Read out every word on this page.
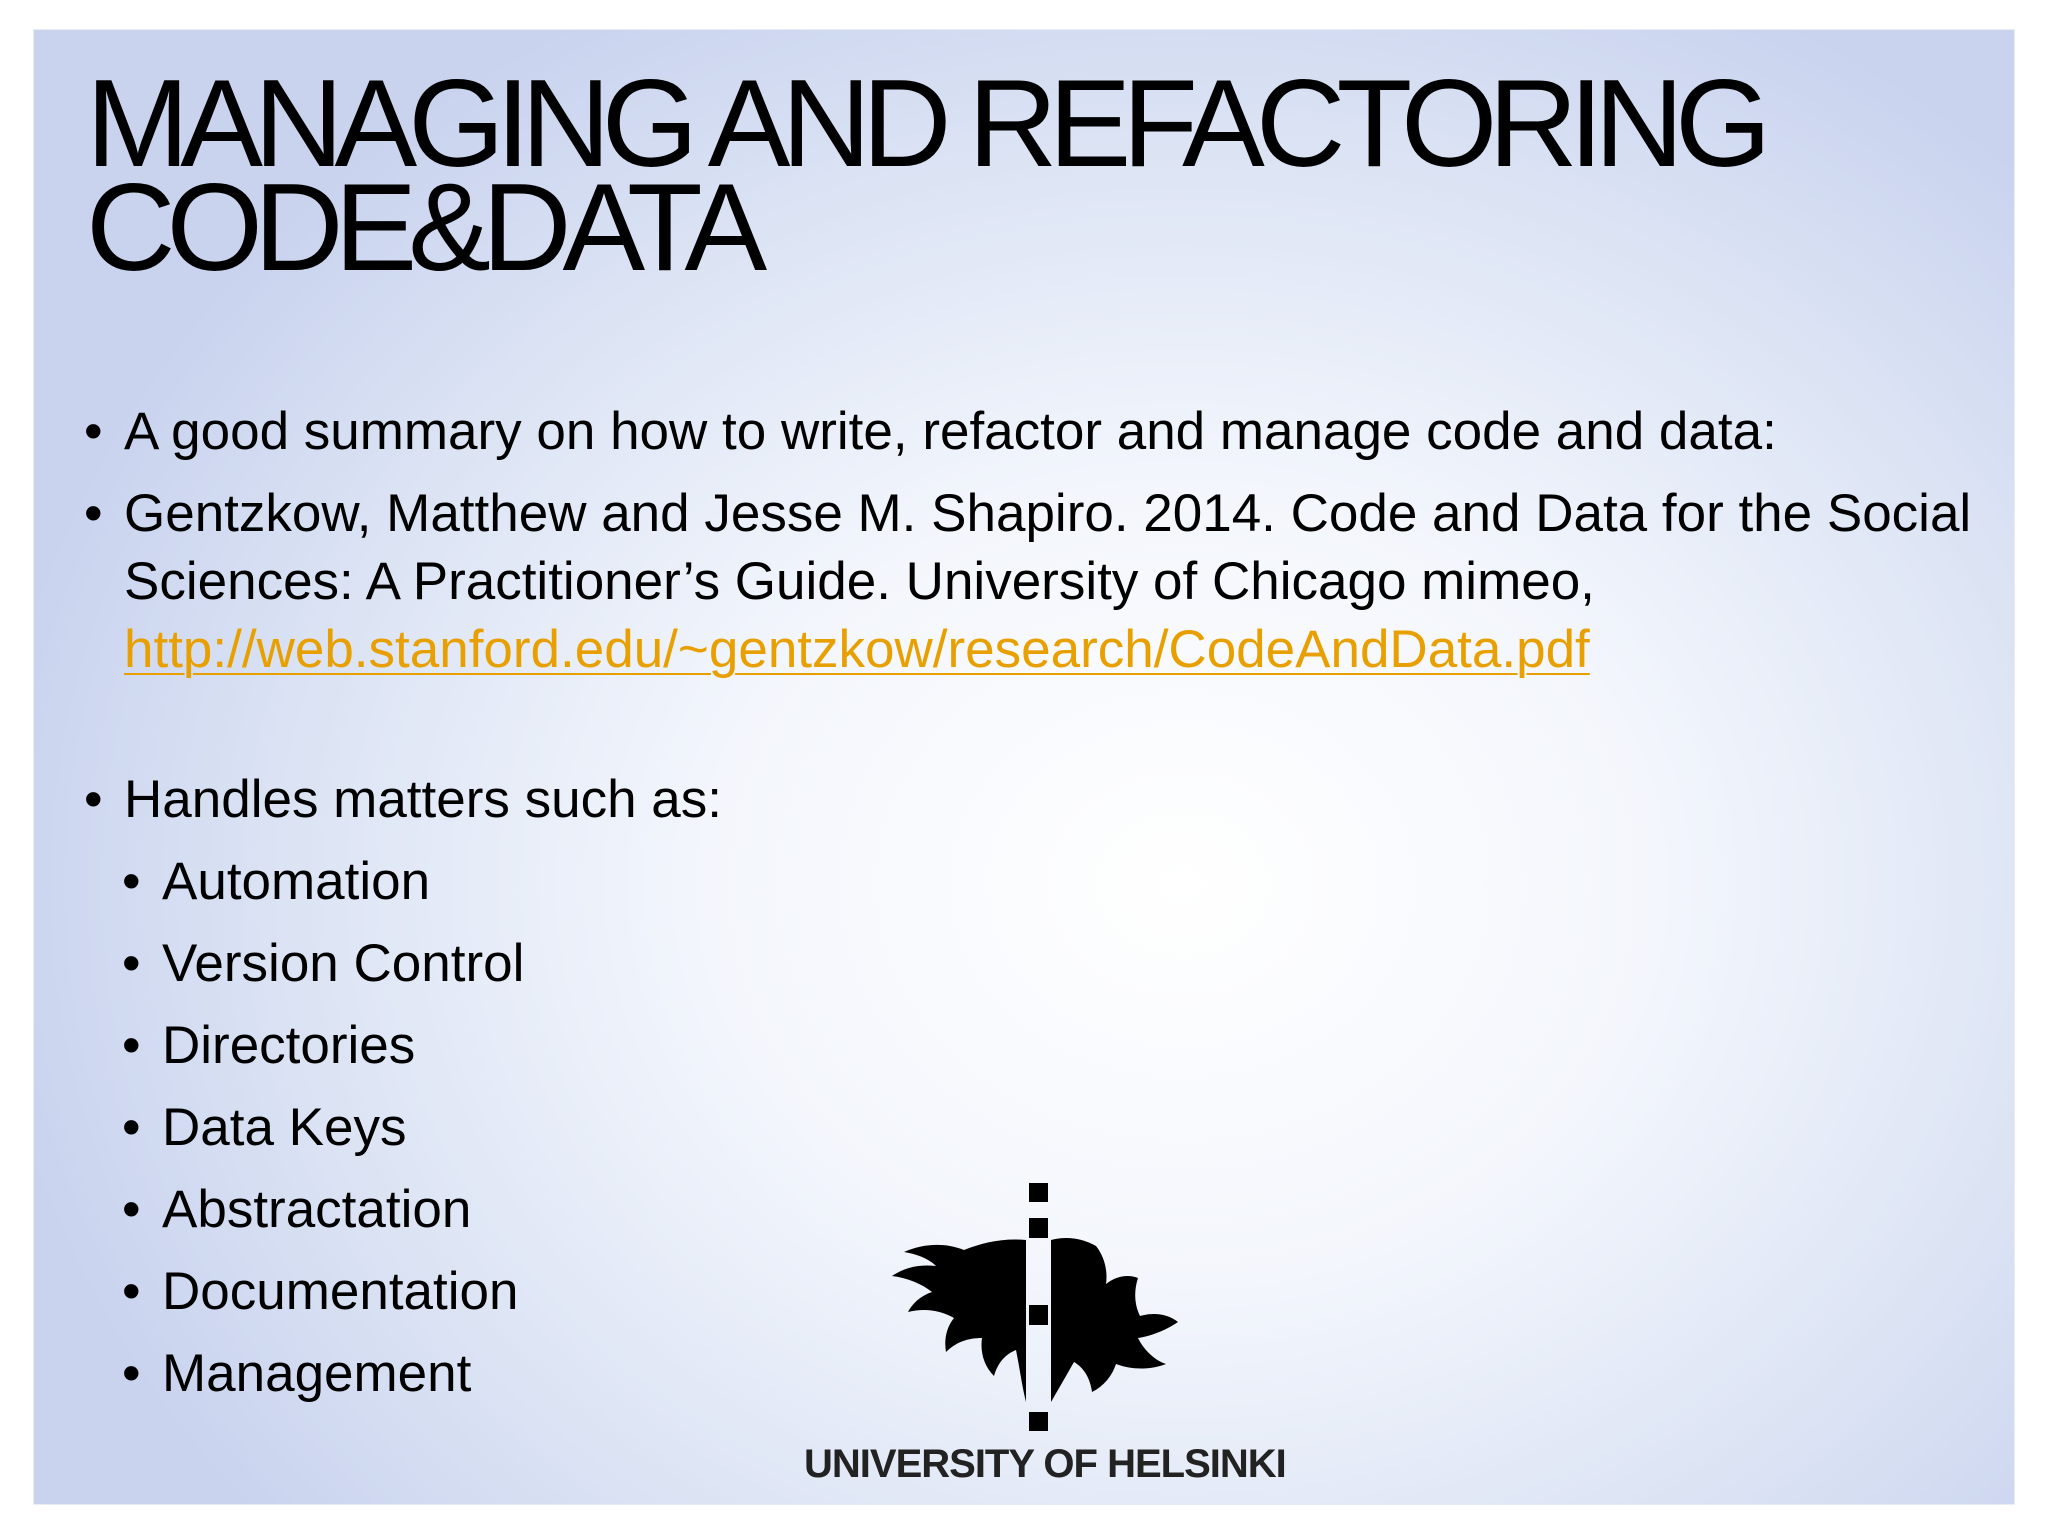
MANAGING AND REFACTORING
CODE&DATA
• A good summary on how to write, refactor and manage code and data:
• Gentzkow, Matthew and Jesse M. Shapiro. 2014. Code and Data for the Social Sciences: A Practitioner’s Guide. University of Chicago mimeo, http://web.stanford.edu/~gentzkow/research/CodeAndData.pdf
• Handles matters such as:
• Automation
• Version Control
• Directories
• Data Keys
• Abstractation
• Documentation
• Management
UNIVERSITY OF HELSINKI
